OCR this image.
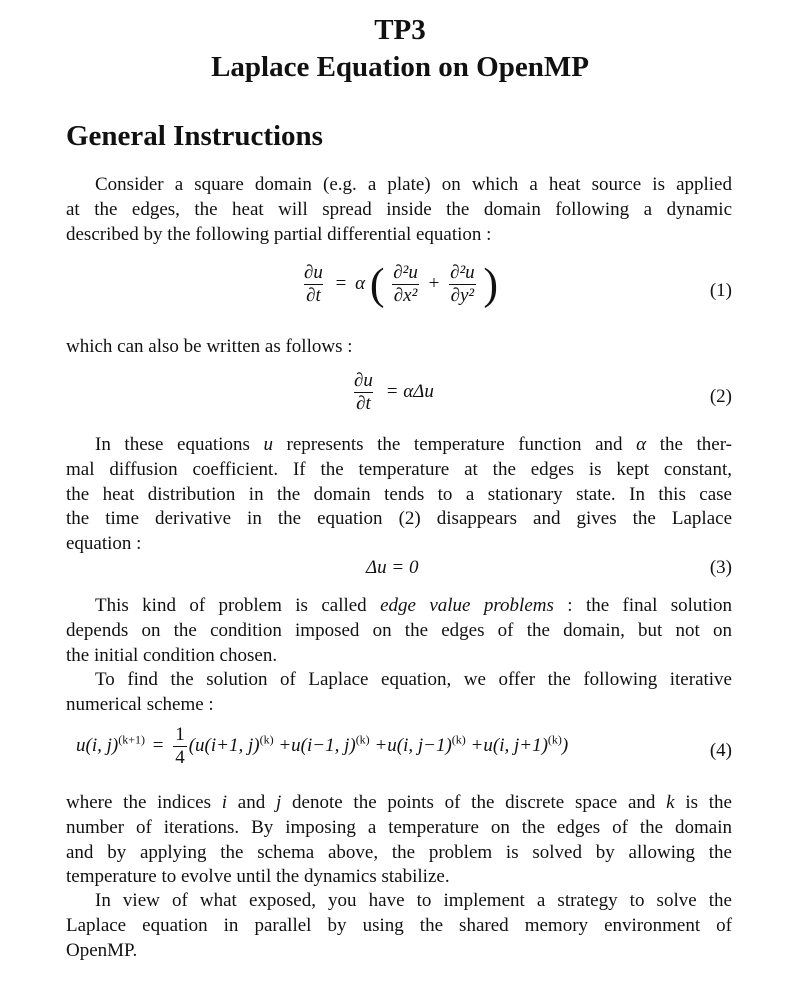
TP3
Laplace Equation on OpenMP
General Instructions
Consider a square domain (e.g. a plate) on which a heat source is applied
at the edges, the heat will spread inside the domain following a dynamic
described by the following partial differential equation :
$\frac{\partial u}{\partial t} = \alpha$ ( $\frac{\text{∂²u}}{\text{∂x²}} + \frac{\text{∂²u}}{\text{∂y²}}$ )	(1)
which can also be written as follows :
$\frac{\partial u}{\partial t} = \alpha\Delta u$	(2)
In these equations u represents the temperature function and α the ther-
mal diffusion coefficient. If the temperature at the edges is kept constant,
the heat distribution in the domain tends to a stationary state. In this case
the time derivative in the equation (2) disappears and gives the Laplace
equation :
Δu = 0	(3)
This kind of problem is called edge value problems : the final solution
depends on the condition imposed on the edges of the domain, but not on
the initial condition chosen.
To find the solution of Laplace equation, we offer the following iterative
numerical scheme :
u(i, $j)^{(k+1)} = \frac{1}{4} (u(i+1$, j)$^{(k)}$ +u(i−1, j)$^{(k)}$ +u(i, j−1)$^{(k)}$ +u(i, j+1)$^{(k)}$)	(4)
where the indices i and j denote the points of the discrete space and k is the
number of iterations. By imposing a temperature on the edges of the domain
and by applying the schema above, the problem is solved by allowing the
temperature to evolve until the dynamics stabilize.
In view of what exposed, you have to implement a strategy to solve the
Laplace equation in parallel by using the shared memory environment of
OpenMP.
